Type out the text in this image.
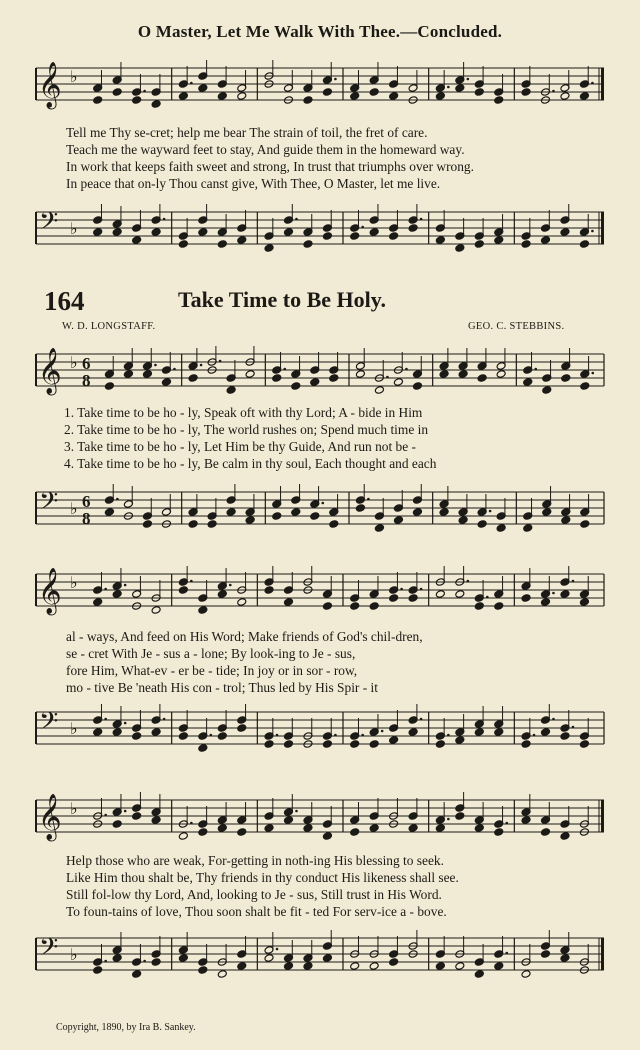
O Master, Let Me Walk With Thee.—Concluded.
𝄞 ♭
Tell me Thy se-cret; help me bear The strain of toil, the fret of care.
Teach me the wayward feet to stay, And guide them in the homeward way.
In work that keeps faith sweet and strong, In trust that triumphs over wrong.
In peace that on-ly Thou canst give, With Thee, O Master, let me live.
𝄢 ♭
164	Take Time to Be Holy.
W. D. LONGSTAFF.	GEO. C. STEBBINS.
𝄞 ♭ 6
8
1. Take time to be ho - ly, Speak oft with thy Lord; A - bide in Him
2. Take time to be ho - ly, The world rushes on; Spend much time in
3. Take time to be ho - ly, Let Him be thy Guide, And run not be -
4. Take time to be ho - ly, Be calm in thy soul, Each thought and each
𝄢 ♭ 6
8
𝄞 ♭
al - ways, And feed on His Word; Make friends of God's chil-dren,
se - cret With Je - sus a - lone; By look-ing to Je - sus,
fore Him, What-ev - er be - tide; In joy or in sor - row,
mo - tive Be 'neath His con - trol; Thus led by His Spir - it
𝄢 ♭
𝄞 ♭
Help those who are weak, For-getting in noth-ing His blessing to seek.
Like Him thou shalt be, Thy friends in thy conduct His likeness shall see.
Still fol-low thy Lord, And, looking to Je - sus, Still trust in His Word.
To foun-tains of love, Thou soon shalt be fit - ted For serv-ice a - bove.
𝄢 ♭
Copyright, 1890, by Ira B. Sankey.
